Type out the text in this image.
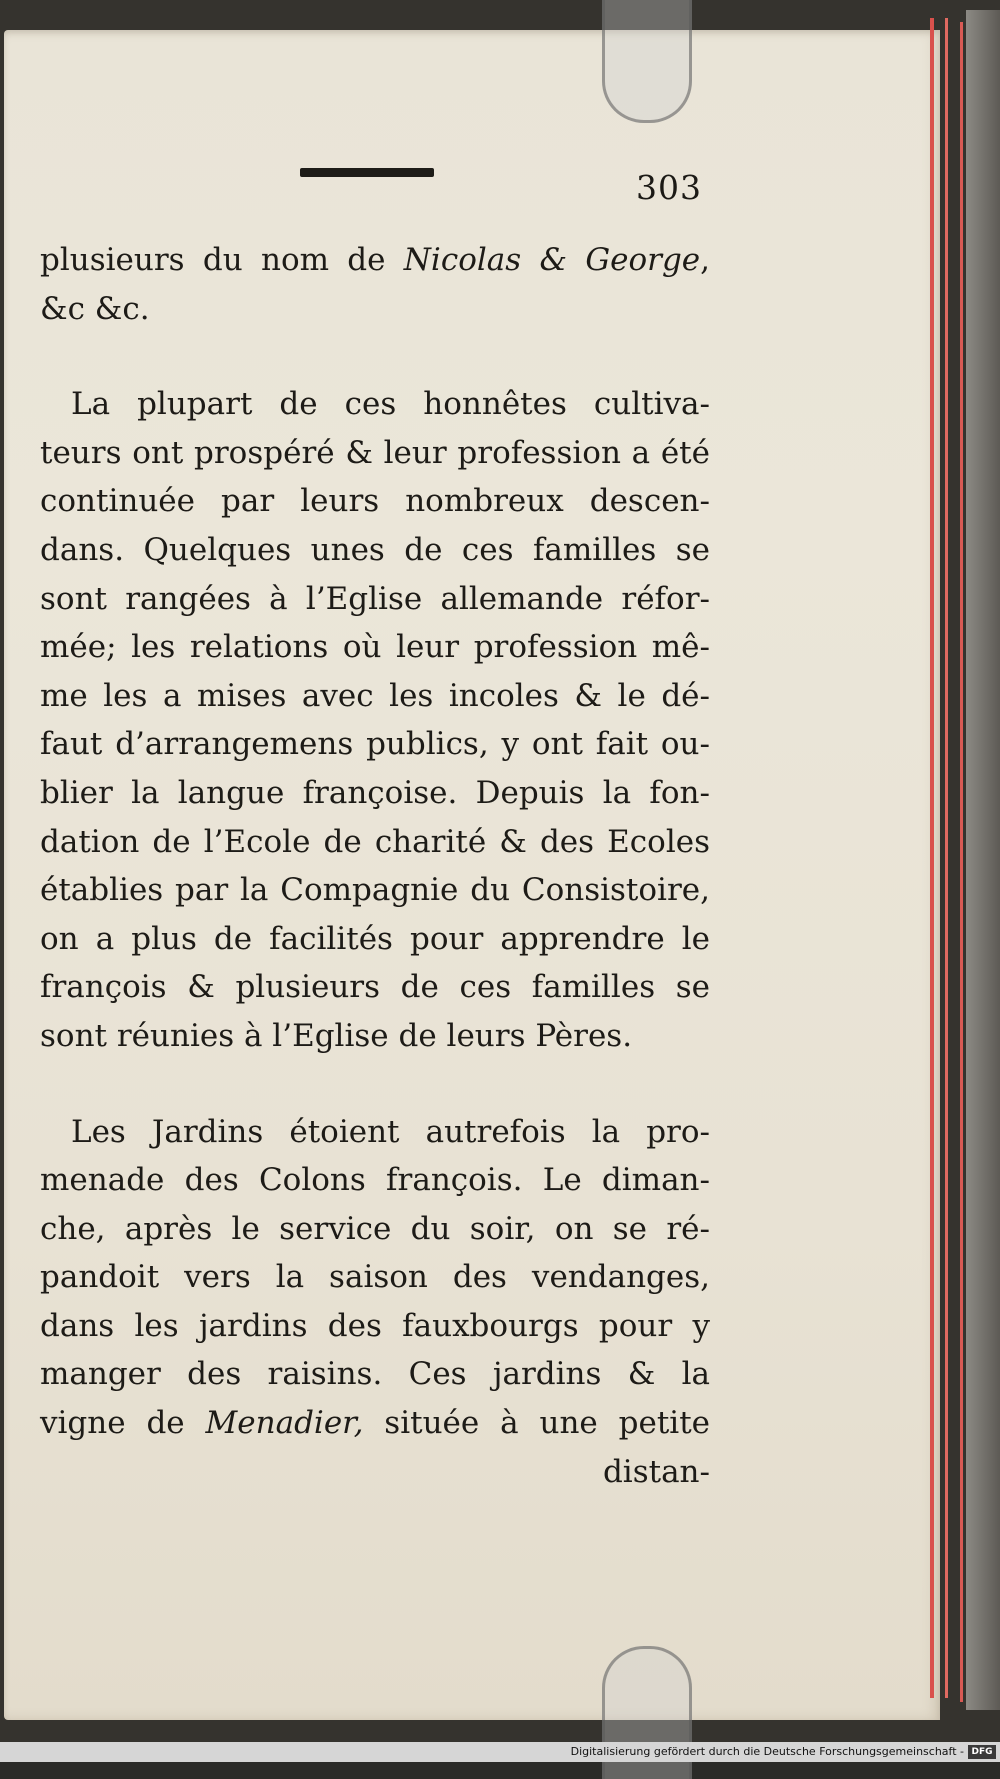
303
plusieurs du nom de Nicolas & George,
&c &c.
 La plupart de ces honnêtes cultiva-
teurs ont prospéré & leur profession a été
continuée par leurs nombreux descen-
dans. Quelques unes de ces familles se
sont rangées à l’Eglise allemande réfor-
mée; les relations où leur profession mê-
me les a mises avec les incoles & le dé-
faut d’arrangemens publics, y ont fait ou-
blier la langue françoise. Depuis la fon-
dation de l’Ecole de charité & des Ecoles
établies par la Compagnie du Consistoire,
on a plus de facilités pour apprendre le
françois & plusieurs de ces familles se
sont réunies à l’Eglise de leurs Pères.
 Les Jardins étoient autrefois la pro-
menade des Colons françois. Le diman-
che, après le service du soir, on se ré-
pandoit vers la saison des vendanges,
dans les jardins des fauxbourgs pour y
manger des raisins. Ces jardins & la
vigne de Menadier, située à une petite
distan-
Digitalisierung gefördert durch die Deutsche Forschungsgemeinschaft - DFG
